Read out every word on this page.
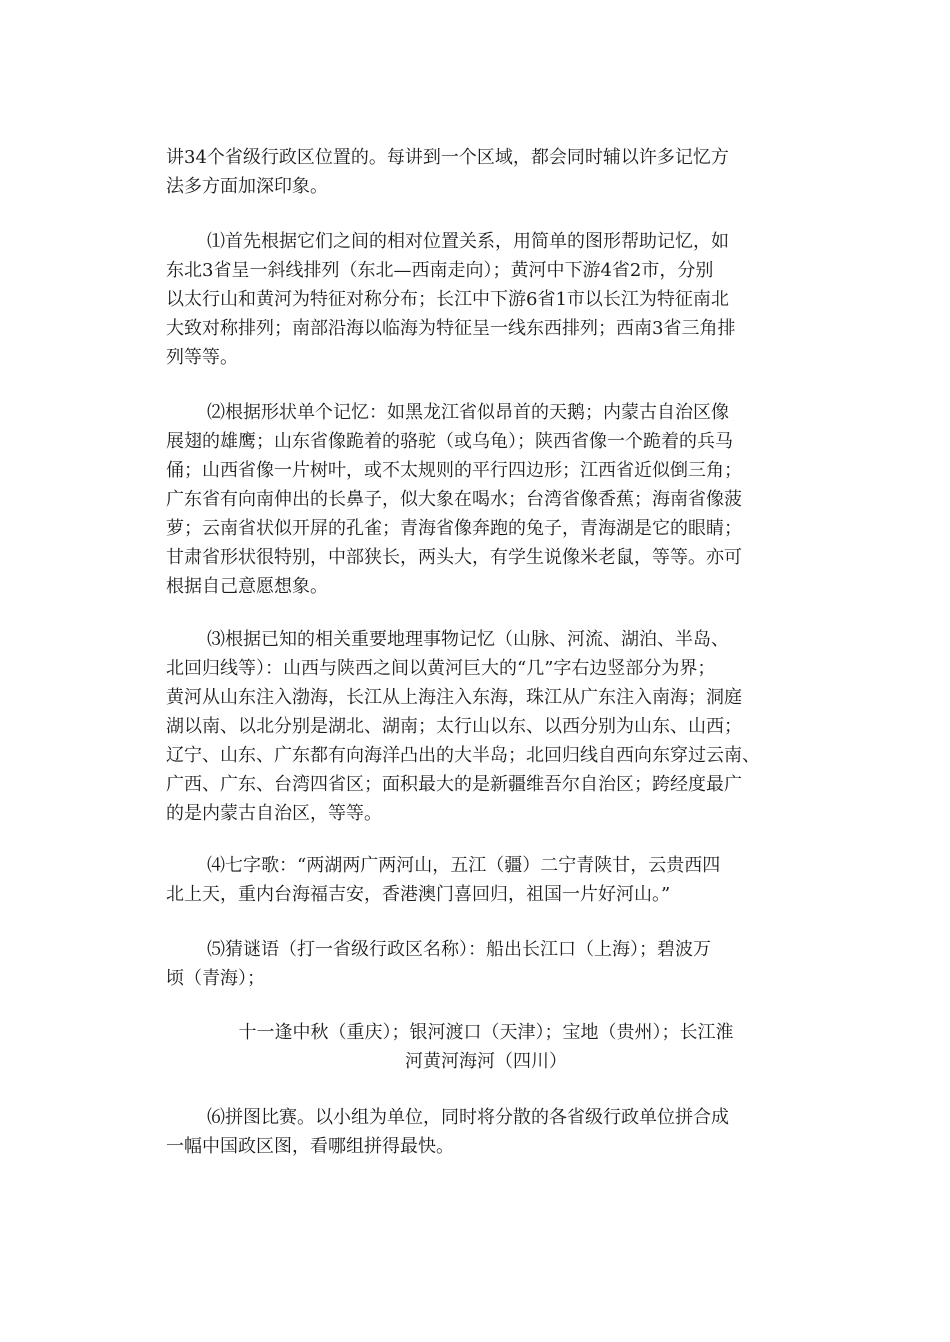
讲34个省级行政区位置的。每讲到一个区域，都会同时辅以许多记忆方
法多方面加深印象。
⑴首先根据它们之间的相对位置关系，用简单的图形帮助记忆，如
东北3省呈一斜线排列（东北—西南走向）；黄河中下游4省2市，分别
以太行山和黄河为特征对称分布；长江中下游6省1市以长江为特征南北
大致对称排列；南部沿海以临海为特征呈一线东西排列；西南3省三角排
列等等。
⑵根据形状单个记忆：如黑龙江省似昂首的天鹅；内蒙古自治区像
展翅的雄鹰；山东省像跪着的骆驼（或乌龟）；陕西省像一个跪着的兵马
俑；山西省像一片树叶，或不太规则的平行四边形；江西省近似倒三角；
广东省有向南伸出的长鼻子，似大象在喝水；台湾省像香蕉；海南省像菠
萝；云南省状似开屏的孔雀；青海省像奔跑的兔子，青海湖是它的眼睛；
甘肃省形状很特别，中部狭长，两头大，有学生说像米老鼠，等等。亦可
根据自己意愿想象。
⑶根据已知的相关重要地理事物记忆（山脉、河流、湖泊、半岛、
北回归线等）：山西与陕西之间以黄河巨大的“几”字右边竖部分为界；
黄河从山东注入渤海，长江从上海注入东海，珠江从广东注入南海；洞庭
湖以南、以北分别是湖北、湖南；太行山以东、以西分别为山东、山西；
辽宁、山东、广东都有向海洋凸出的大半岛；北回归线自西向东穿过云南、
广西、广东、台湾四省区；面积最大的是新疆维吾尔自治区；跨经度最广
的是内蒙古自治区，等等。
⑷七字歌：“两湖两广两河山，五江（疆）二宁青陕甘，云贵西四
北上天，重内台海福吉安，香港澳门喜回归，祖国一片好河山。”
⑸猜谜语（打一省级行政区名称）：船出长江口（上海）；碧波万
顷（青海）；
十一逢中秋（重庆）；银河渡口（天津）；宝地（贵州）；长江淮
河黄河海河（四川）
⑹拼图比赛。以小组为单位，同时将分散的各省级行政单位拼合成
一幅中国政区图，看哪组拼得最快。
